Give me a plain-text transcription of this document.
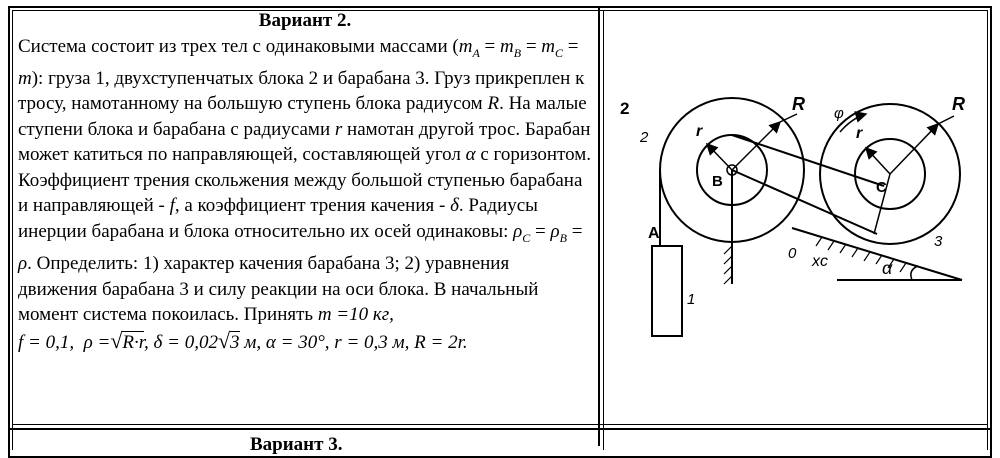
Вариант 2.
Система состоит из трех тел с одинаковыми массами $(m_A = m_B = m_C = m)$: груза 1, двухступенчатых блока 2 и барабана 3. Груз прикреплен к тросу, намотанному на большую ступень блока радиусом R. На малые ступени блока и барабана с радиусами r намотан другой трос. Барабан может катиться по направляющей, составляющей угол α с горизонтом. Коэффициент трения скольжения между большой ступенью барабана и направляющей - f, а коэффициент трения качения - δ. Радиусы инерции барабана и блока относительно их осей одинаковы: $\rho_C = \rho_B = \rho$. Определить: 1) характер качения барабана 3; 2) уравнения движения барабана 3 и силу реакции на оси блока. В начальный момент система покоилась. Принять m =10 кг,
f = 0,1, ρ =√R·r, δ = 0,02√3 м, α = 30°, r = 0,3 м, R = 2r.
2
2	r
R
B
A
1
φ
r
R
C
3
0 xc	α
Вариант 3.
